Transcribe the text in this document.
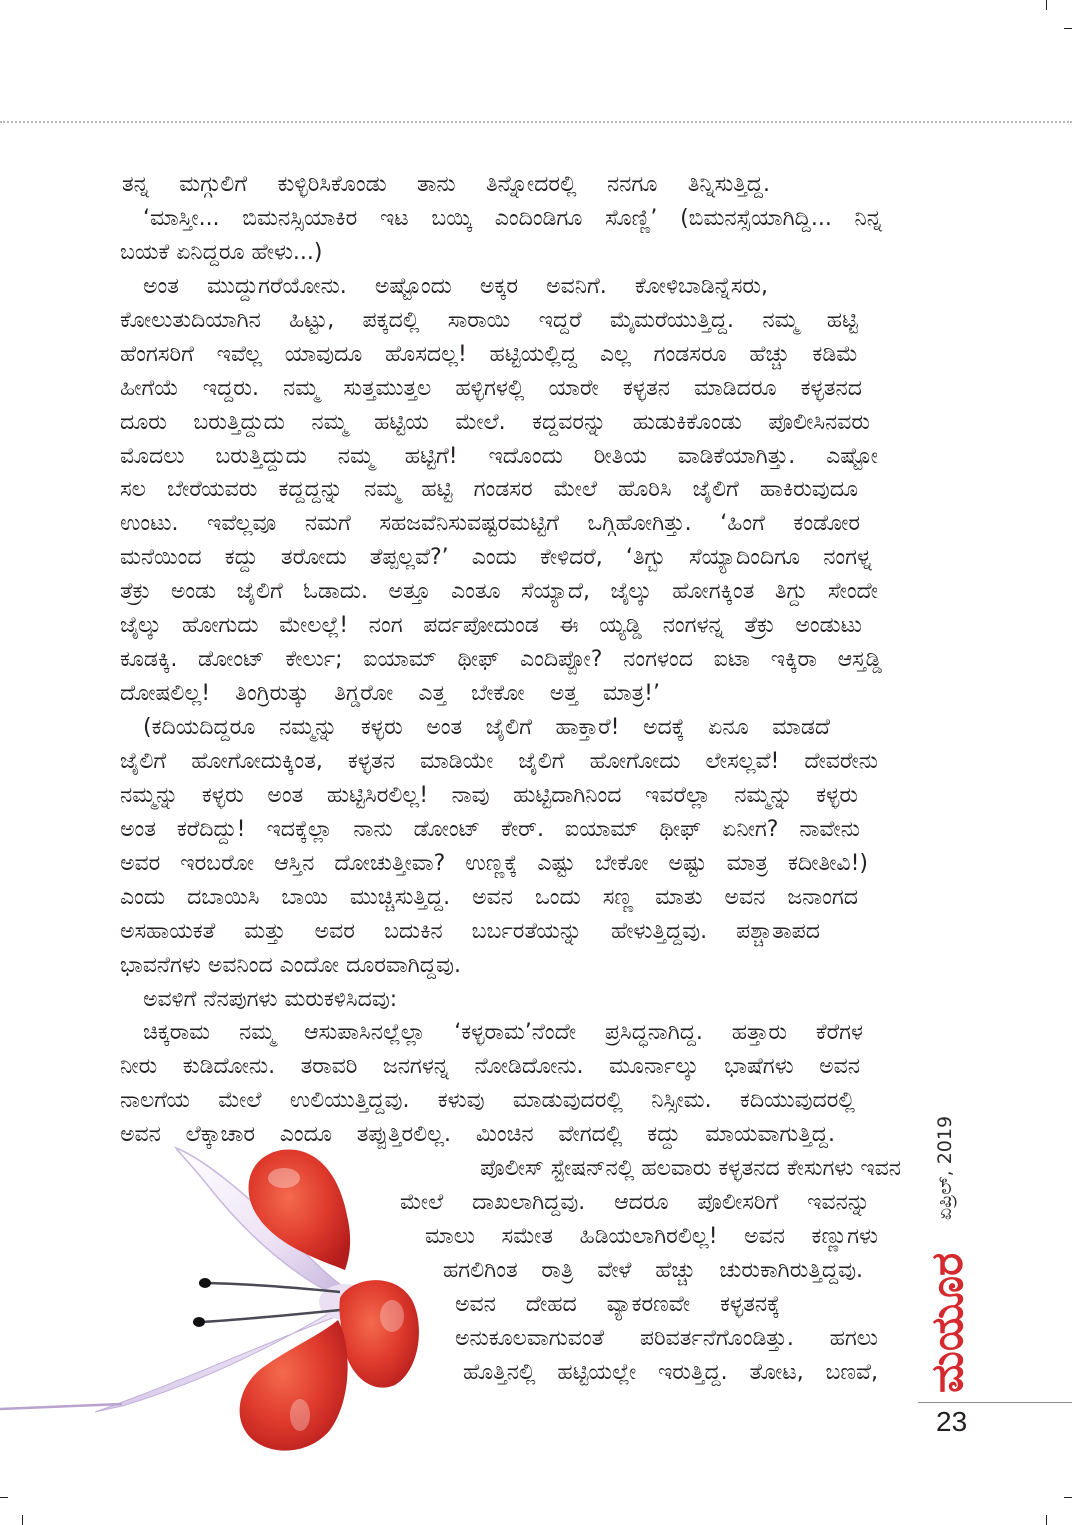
ತನ್ನ ಮಗ್ಗುಲಿಗೆ ಕುಳ್ಳಿರಿಸಿಕೊಂಡು ತಾನು ತಿನ್ನೋದರಲ್ಲಿ ನನಗೂ ತಿನ್ನಿಸುತ್ತಿದ್ದ.
‘ಮಾಸ್ತೀ... ಬಿಮನಸ್ಸಿಯಾಕಿರ ಇಟ ಬಯ್ಕಿ ಎಂದಿಂಡಿಗೂ ಸೊಣ್ಣಿ’ (ಬಿಮನಸ್ಸೆಯಾಗಿದ್ದಿ... ನಿನ್ನ
ಬಯಕೆ ಏನಿದ್ದರೂ ಹೇಳು...)
ಅಂತ ಮುದ್ದುಗರೆಯೋನು. ಅಷ್ಟೊಂದು ಅಕ್ಕರ ಅವನಿಗೆ. ಕೋಳಿಬಾಡಿನ್ನೆಸರು,
ಕೋಲುತುದಿಯಾಗಿನ ಹಿಟ್ಟು, ಪಕ್ಕದಲ್ಲಿ ಸಾರಾಯಿ ಇದ್ದರೆ ಮೈಮರೆಯುತ್ತಿದ್ದ. ನಮ್ಮ ಹಟ್ಟಿ
ಹೆಂಗಸರಿಗೆ ಇವೆಲ್ಲ ಯಾವುದೂ ಹೊಸದಲ್ಲ! ಹಟ್ಟಿಯಲ್ಲಿದ್ದ ಎಲ್ಲ ಗಂಡಸರೂ ಹೆಚ್ಚು ಕಡಿಮೆ
ಹೀಗೆಯೆ ಇದ್ದರು. ನಮ್ಮ ಸುತ್ತಮುತ್ತಲ ಹಳ್ಳಿಗಳಲ್ಲಿ ಯಾರೇ ಕಳ್ಳತನ ಮಾಡಿದರೂ ಕಳ್ಳತನದ
ದೂರು ಬರುತ್ತಿದ್ದುದು ನಮ್ಮ ಹಟ್ಟಿಯ ಮೇಲೆ. ಕದ್ದವರನ್ನು ಹುಡುಕಿಕೊಂಡು ಪೊಲೀಸಿನವರು
ಮೊದಲು ಬರುತ್ತಿದ್ದುದು ನಮ್ಮ ಹಟ್ಟಿಗೆ! ಇದೊಂದು ರೀತಿಯ ವಾಡಿಕೆಯಾಗಿತ್ತು. ಎಷ್ಟೋ
ಸಲ ಬೇರೆಯವರು ಕದ್ದದ್ದನ್ನು ನಮ್ಮ ಹಟ್ಟಿ ಗಂಡಸರ ಮೇಲೆ ಹೊರಿಸಿ ಜೈಲಿಗೆ ಹಾಕಿರುವುದೂ
ಉಂಟು. ಇವೆಲ್ಲವೂ ನಮಗೆ ಸಹಜವೆನಿಸುವಷ್ಟರಮಟ್ಟಿಗೆ ಒಗ್ಗಿಹೋಗಿತ್ತು. ‘ಹಿಂಗೆ ಕಂಡೋರ
ಮನೆಯಿಂದ ಕದ್ದು ತರೋದು ತೆಪ್ಪಲ್ಲವೆ?’ ಎಂದು ಕೇಳಿದರೆ, ‘ತಿಗ್ಬು ಸೆಯ್ಯಾದಿಂದಿಗೂ ನಂಗಳ್ನ
ತೆಕ್ರು ಅಂಡು ಜೈಲಿಗೆ ಓಡಾದು. ಅತ್ತೂ ಎಂತೂ ಸೆಯ್ಯಾದೆ, ಜೈಲ್ಕು ಹೋಗಕ್ಕಿಂತ ತಿಗ್ದು ಸೇಂದೇ
ಜೈಲ್ಕು ಹೋಗುದು ಮೇಲಲ್ಲೆ! ನಂಗ ಪರ್ದಪೋದುಂಡ ಈ ಯ್ಯಡ್ಡಿ ನಂಗಳನ್ನ ತೆಕ್ರು ಅಂಡುಟು
ಕೂಡಕ್ಕಿ. ಡೋಂಟ್ ಕೇರ್ಲು; ಐಯಾಮ್ ಥೀಫ್ ಎಂದಿಪ್ಪೋ? ನಂಗಳಂದ ಐಟಾ ಇಕ್ಕಿರಾ ಆಸ್ತಡ್ಡಿ
ದೋಷಲಿಲ್ಲ! ತಿಂಗ್ರಿರುತ್ಕು ತಿಗ್ಡರೋ ಎತ್ತ ಬೇಕೋ ಅತ್ತ ಮಾತ್ರ!’
(ಕದಿಯದಿದ್ದರೂ ನಮ್ಮನ್ನು ಕಳ್ಳರು ಅಂತ ಜೈಲಿಗೆ ಹಾಕ್ತಾರೆ! ಅದಕ್ಕೆ ಏನೂ ಮಾಡದೆ
ಜೈಲಿಗೆ ಹೋಗೋದುಕ್ಕಿಂತ, ಕಳ್ಳತನ ಮಾಡಿಯೇ ಜೈಲಿಗೆ ಹೋಗೋದು ಲೇಸಲ್ಲವೆ! ದೇವರೇನು
ನಮ್ಮನ್ನು ಕಳ್ಳರು ಅಂತ ಹುಟ್ಟಿಸಿರಲಿಲ್ಲ! ನಾವು ಹುಟ್ಟಿದಾಗಿನಿಂದ ಇವರೆಲ್ಲಾ ನಮ್ಮನ್ನು ಕಳ್ಳರು
ಅಂತ ಕರೆದಿದ್ದು! ಇದಕ್ಕೆಲ್ಲಾ ನಾನು ಡೋಂಟ್ ಕೇರ್. ಐಯಾಮ್ ಥೀಫ್ ಏನೀಗ? ನಾವೇನು
ಅವರ ಇರಬರೋ ಆಸ್ತಿನ ದೋಚುತ್ತೀವಾ? ಉಣ್ಣಕ್ಕೆ ಎಷ್ಟು ಬೇಕೋ ಅಷ್ಟು ಮಾತ್ರ ಕದೀತೀವಿ!)
ಎಂದು ದಬಾಯಿಸಿ ಬಾಯಿ ಮುಚ್ಚಿಸುತ್ತಿದ್ದ. ಅವನ ಒಂದು ಸಣ್ಣ ಮಾತು ಅವನ ಜನಾಂಗದ
ಅಸಹಾಯಕತೆ ಮತ್ತು ಅವರ ಬದುಕಿನ ಬರ್ಬರತೆಯನ್ನು ಹೇಳುತ್ತಿದ್ದವು. ಪಶ್ಚಾತಾಪದ
ಭಾವನೆಗಳು ಅವನಿಂದ ಎಂದೋ ದೂರವಾಗಿದ್ದವು.
ಅವಳಿಗೆ ನೆನಪುಗಳು ಮರುಕಳಿಸಿದವು:
ಚಿಕ್ಕರಾಮ ನಮ್ಮ ಆಸುಪಾಸಿನಲ್ಲೆಲ್ಲಾ ‘ಕಳ್ಳರಾಮ’ನೆಂದೇ ಪ್ರಸಿದ್ಧನಾಗಿದ್ದ. ಹತ್ತಾರು ಕೆರೆಗಳ
ನೀರು ಕುಡಿದೋನು. ತರಾವರಿ ಜನಗಳನ್ನ ನೋಡಿದೋನು. ಮೂರ್ನಾಲ್ಕು ಭಾಷೆಗಳು ಅವನ
ನಾಲಗೆಯ ಮೇಲೆ ಉಲಿಯುತ್ತಿದ್ದವು. ಕಳುವು ಮಾಡುವುದರಲ್ಲಿ ನಿಸ್ಸೀಮ. ಕದಿಯುವುದರಲ್ಲಿ
ಅವನ ಲೆಕ್ಕಾಚಾರ ಎಂದೂ ತಪ್ಪುತ್ತಿರಲಿಲ್ಲ. ಮಿಂಚಿನ ವೇಗದಲ್ಲಿ ಕದ್ದು ಮಾಯವಾಗುತ್ತಿದ್ದ.
ಪೊಲೀಸ್ ಸ್ಟೇಷನ್‌ನಲ್ಲಿ ಹಲವಾರು ಕಳ್ಳತನದ ಕೇಸುಗಳು ಇವನ
ಮೇಲೆ ದಾಖಲಾಗಿದ್ದವು. ಆದರೂ ಪೊಲೀಸರಿಗೆ ಇವನನ್ನು
ಮಾಲು ಸಮೇತ ಹಿಡಿಯಲಾಗಿರಲಿಲ್ಲ! ಅವನ ಕಣ್ಣುಗಳು
ಹಗಲಿಗಿಂತ ರಾತ್ರಿ ವೇಳೆ ಹೆಚ್ಚು ಚುರುಕಾಗಿರುತ್ತಿದ್ದವು.
ಅವನ ದೇಹದ ವ್ಯಾಕರಣವೇ ಕಳ್ಳತನಕ್ಕೆ
ಅನುಕೂಲವಾಗುವಂತೆ ಪರಿವರ್ತನೆಗೊಂಡಿತ್ತು. ಹಗಲು
ಹೊತ್ತಿನಲ್ಲಿ ಹಟ್ಟಿಯಲ್ಲೇ ಇರುತ್ತಿದ್ದ. ತೋಟ, ಬಣವೆ,
ಏಪ್ರಿಲ್, 2019
ಮಯೂರ
23
